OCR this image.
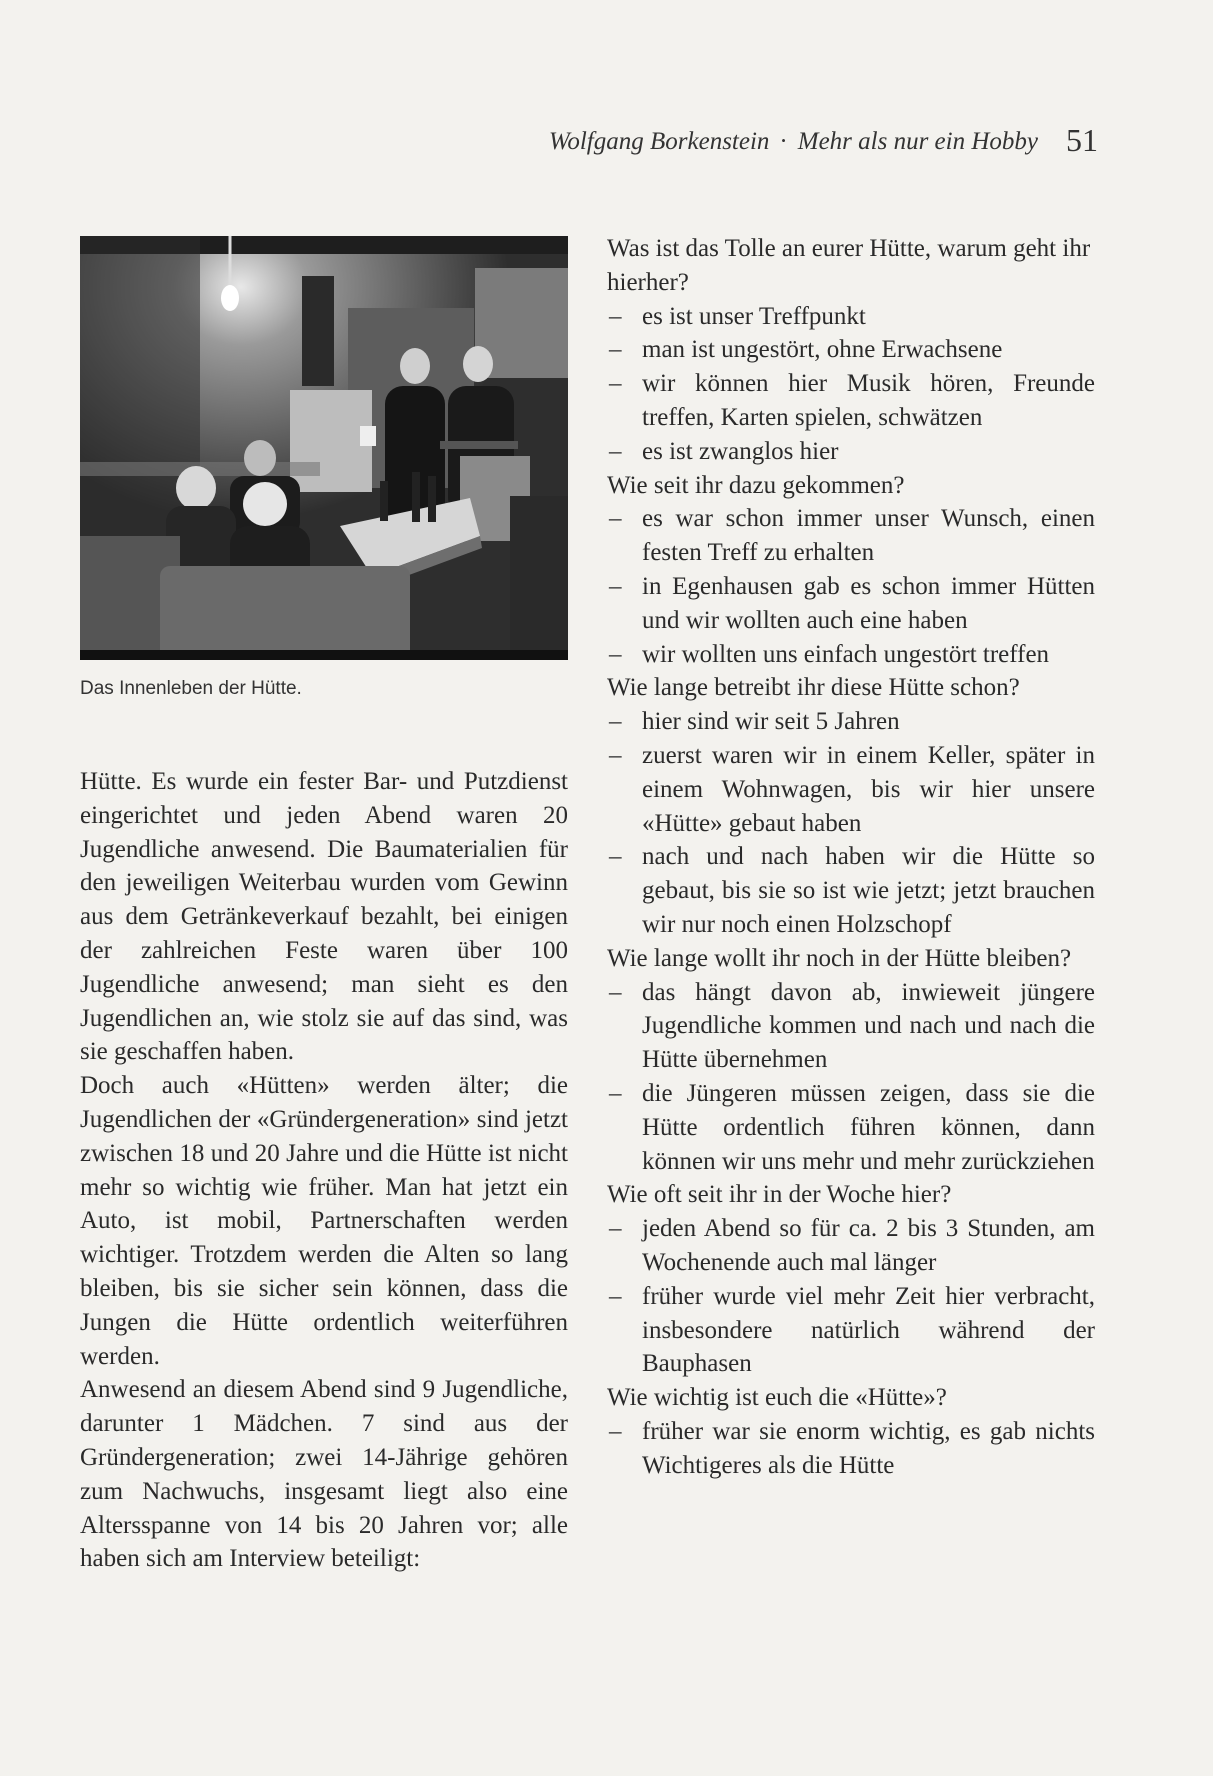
Wolfgang Borkenstein · Mehr als nur ein Hobby 51
Das Innenleben der Hütte.

Hütte. Es wurde ein fester Bar- und Putzdienst eingerichtet und jeden Abend waren 20 Jugendliche anwesend. Die Baumaterialien für den jeweiligen Weiterbau wurden vom Gewinn aus dem Getränkeverkauf bezahlt, bei einigen der zahlreichen Feste waren über 100 Jugendliche anwesend; man sieht es den Jugendlichen an, wie stolz sie auf das sind, was sie geschaffen haben.

Doch auch «Hütten» werden älter; die Jugendlichen der «Gründergeneration» sind jetzt zwischen 18 und 20 Jahre und die Hütte ist nicht mehr so wichtig wie früher. Man hat jetzt ein Auto, ist mobil, Partnerschaften werden wichtiger. Trotzdem werden die Alten so lang bleiben, bis sie sicher sein können, dass die Jungen die Hütte ordentlich weiterführen werden.

Anwesend an diesem Abend sind 9 Jugendliche, darunter 1 Mädchen. 7 sind aus der Gründergeneration; zwei 14-Jährige gehören zum Nachwuchs, insgesamt liegt also eine Altersspanne von 14 bis 20 Jahren vor; alle haben sich am Interview beteiligt:

Was ist das Tolle an eurer Hütte, warum geht ihr hierher?

– es ist unser Treffpunkt

– man ist ungestört, ohne Erwachsene

– wir können hier Musik hören, Freunde treffen, Karten spielen, schwätzen

– es ist zwanglos hier

Wie seit ihr dazu gekommen?

– es war schon immer unser Wunsch, einen festen Treff zu erhalten

– in Egenhausen gab es schon immer Hütten und wir wollten auch eine haben

– wir wollten uns einfach ungestört treffen

Wie lange betreibt ihr diese Hütte schon?

– hier sind wir seit 5 Jahren

– zuerst waren wir in einem Keller, später in einem Wohnwagen, bis wir hier unsere «Hütte» gebaut haben

– nach und nach haben wir die Hütte so gebaut, bis sie so ist wie jetzt; jetzt brauchen wir nur noch einen Holzschopf

Wie lange wollt ihr noch in der Hütte bleiben?

– das hängt davon ab, inwieweit jüngere Jugendliche kommen und nach und nach die Hütte übernehmen

– die Jüngeren müssen zeigen, dass sie die Hütte ordentlich führen können, dann können wir uns mehr und mehr zurückziehen

Wie oft seit ihr in der Woche hier?

– jeden Abend so für ca. 2 bis 3 Stunden, am Wochenende auch mal länger

– früher wurde viel mehr Zeit hier verbracht, insbesondere natürlich während der Bauphasen

Wie wichtig ist euch die «Hütte»?

– früher war sie enorm wichtig, es gab nichts Wichtigeres als die Hütte
